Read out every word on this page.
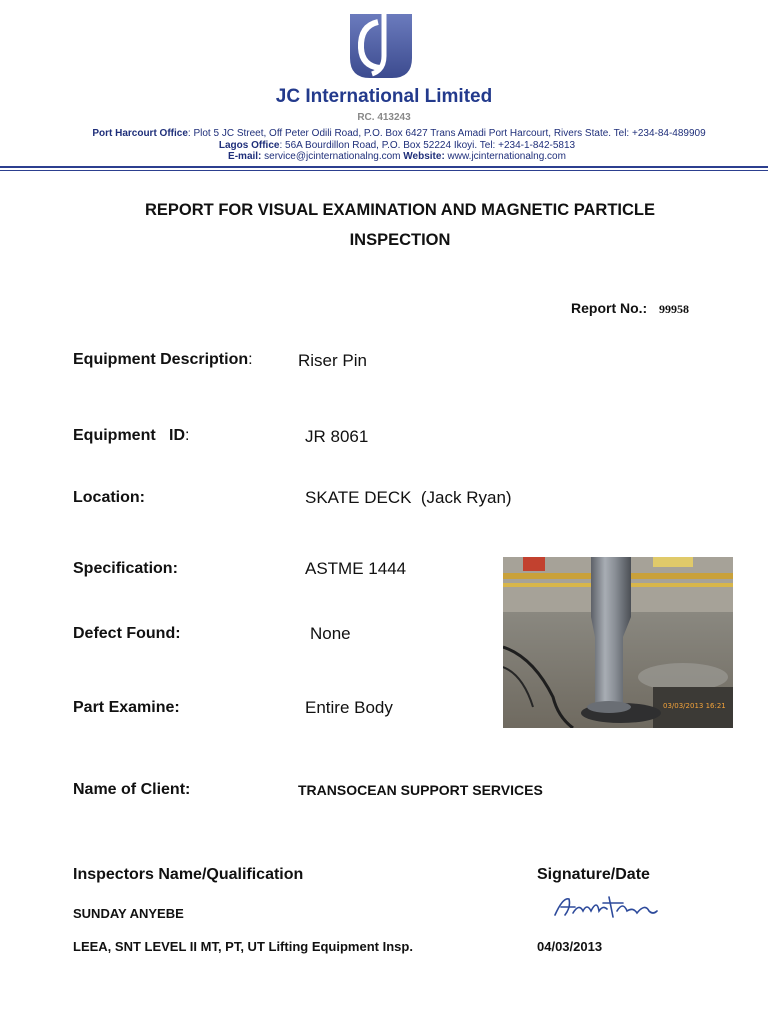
JC International Limited
RC. 413243
Port Harcourt Office: Plot 5 JC Street, Off Peter Odili Road, P.O. Box 6427 Trans Amadi Port Harcourt, Rivers State. Tel: +234-84-489909
Lagos Office: 56A Bourdillon Road, P.O. Box 52224 Ikoyi. Tel: +234-1-842-5813
E-mail: service@jcinternationalng.com Website: www.jcinternationalng.com
REPORT FOR VISUAL EXAMINATION AND MAGNETIC PARTICLE
INSPECTION
Report No.: 99958
Equipment Description:	Riser Pin
Equipment   ID:	JR 8061
Location:	SKATE DECK  (Jack Ryan)
Specification:	ASTME 1444
Defect Found:	None
Part Examine:	Entire Body
Name of Client:	TRANSOCEAN SUPPORT SERVICES
03/03/2013 16:21
Inspectors Name/Qualification	Signature/Date
SUNDAY ANYEBE
LEEA, SNT LEVEL II MT, PT, UT Lifting Equipment Insp.	04/03/2013
